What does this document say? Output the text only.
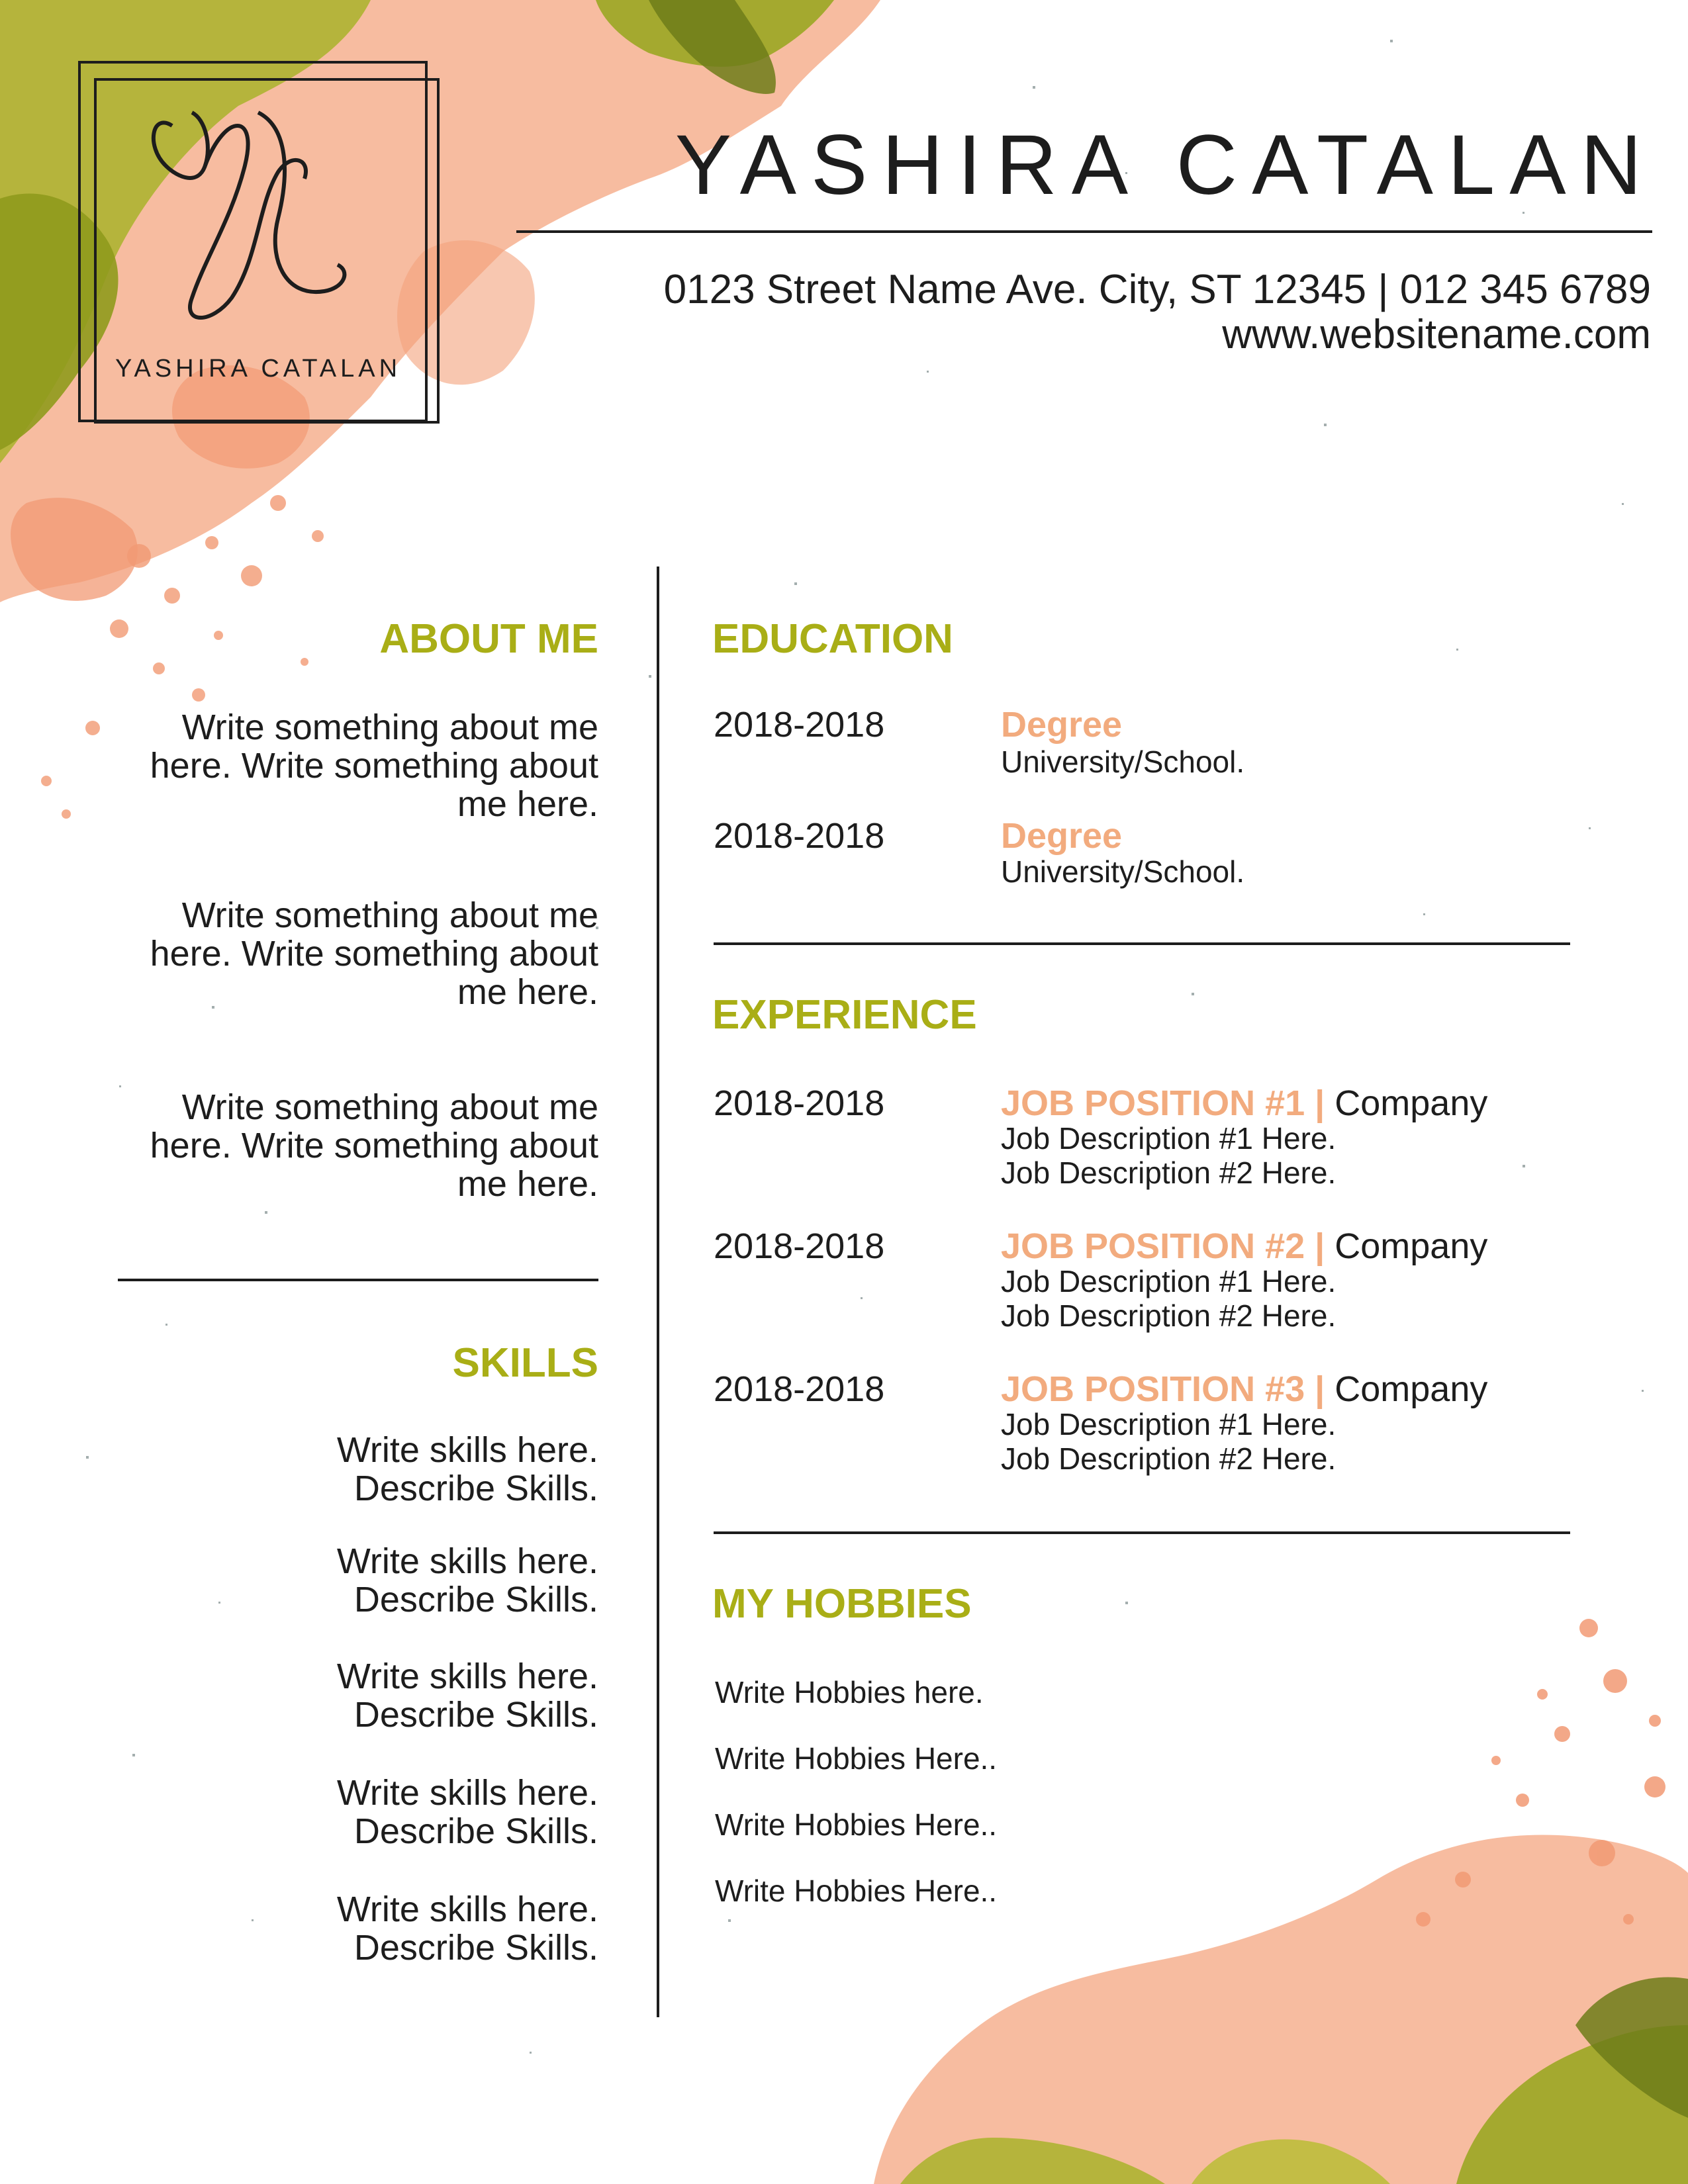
YASHIRA CATALAN
YASHIRA CATALAN
0123 Street Name Ave. City, ST 12345 | 012 345 6789
www.websitename.com
ABOUT ME
Write something about me here. Write something about me here.
Write something about me here. Write something about me here.
Write something about me here. Write something about me here.
SKILLS
Write skills here.
Describe Skills.
Write skills here.
Describe Skills.
Write skills here.
Describe Skills.
Write skills here.
Describe Skills.
Write skills here.
Describe Skills.
EDUCATION
2018-2018	Degree
University/School.
2018-2018	Degree
University/School.
EXPERIENCE
2018-2018	JOB POSITION #1 | Company
Job Description #1 Here.
Job Description #2 Here.
2018-2018	JOB POSITION #2 | Company
Job Description #1 Here.
Job Description #2 Here.
2018-2018	JOB POSITION #3 | Company
Job Description #1 Here.
Job Description #2 Here.
MY HOBBIES
Write Hobbies here.
Write Hobbies Here..
Write Hobbies Here..
Write Hobbies Here..
